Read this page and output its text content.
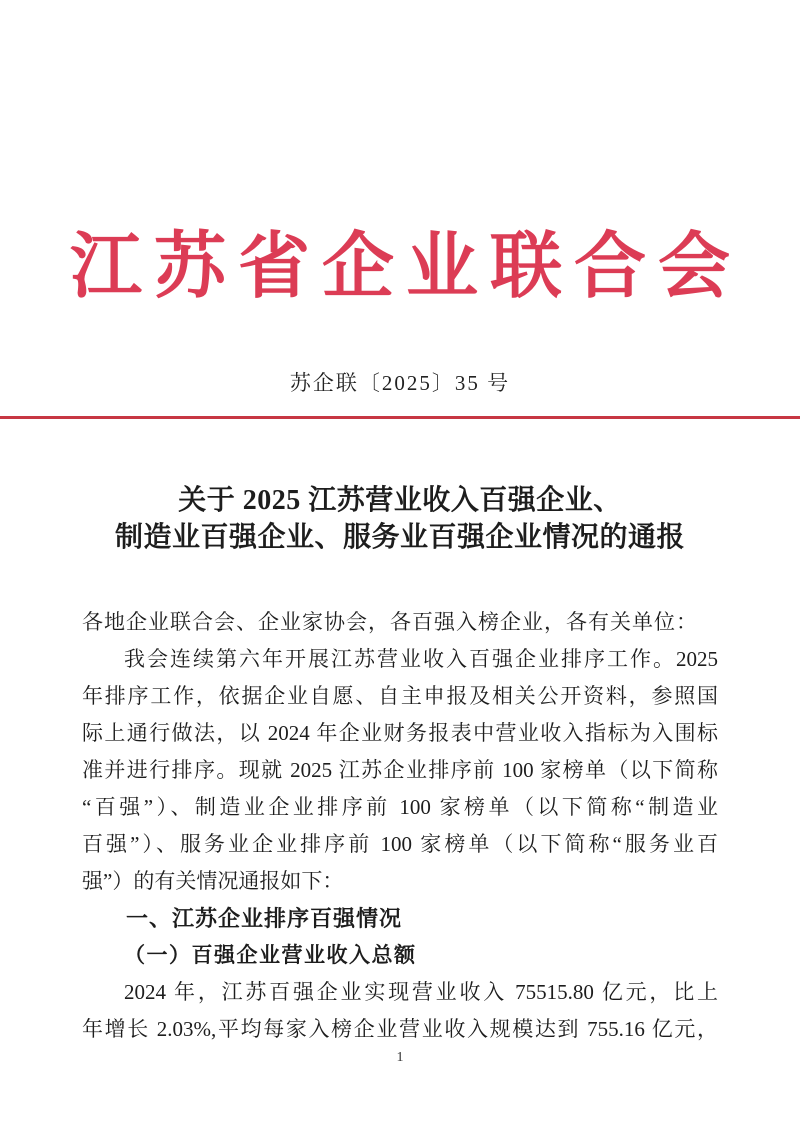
江苏省企业联合会
苏企联〔2025〕35 号
关于 2025 江苏营业收入百强企业、
制造业百强企业、服务业百强企业情况的通报
各地企业联合会、企业家协会，各百强入榜企业，各有关单位：
我会连续第六年开展江苏营业收入百强企业排序工作。2025
年排序工作，依据企业自愿、自主申报及相关公开资料，参照国
际上通行做法，以 2024 年企业财务报表中营业收入指标为入围标
准并进行排序。现就 2025 江苏企业排序前 100 家榜单（以下简称
“百强”）、制造业企业排序前 100 家榜单（以下简称“制造业
百强”）、服务业企业排序前 100 家榜单（以下简称“服务业百
强”）的有关情况通报如下：
一、江苏企业排序百强情况
（一）百强企业营业收入总额
2024 年，江苏百强企业实现营业收入 75515.80 亿元，比上
年增长 2.03%,平均每家入榜企业营业收入规模达到 755.16 亿元，
1
